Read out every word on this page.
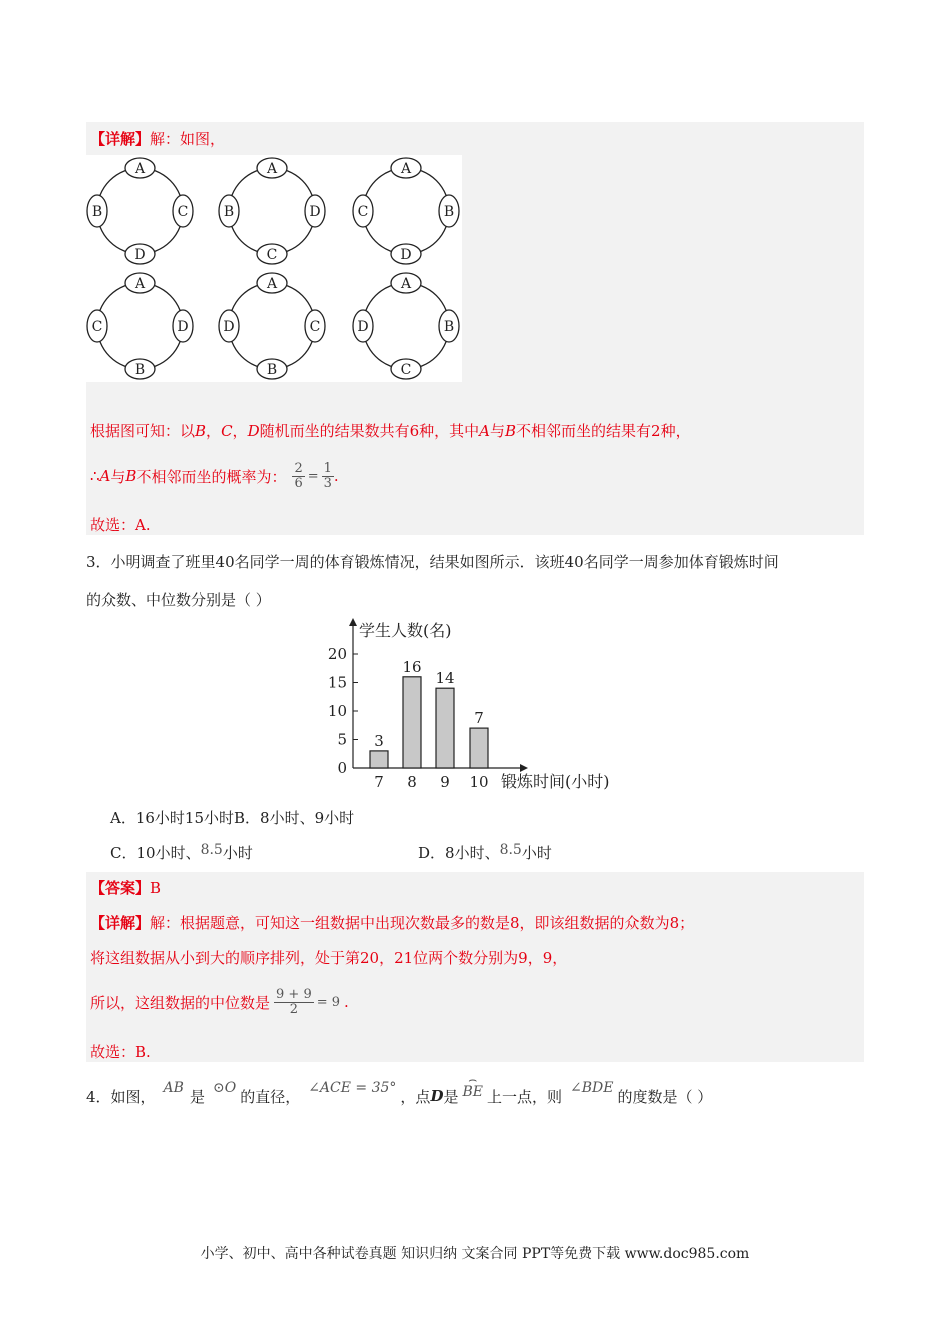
【详解】解：如图，
A
D
B	C
A
C
B	D
A
D
C	B
A
B
C	D
A
B
D	C
A
C
D	B
根据图可知：以B，C，D随机而坐的结果数共有6种，其中A与B不相邻而坐的结果有2种，
∴ A 与 B 不相邻而坐的概率为： $\frac{2}{6} = \frac{1}{3}$ .
故选：A.
3．小明调查了班里40名同学一周的体育锻炼情况，结果如图所示．该班40名同学一周参加体育锻炼时间
的众数、中位数分别是（ ）
学生人数(名)
0
5
10
15
20
3
7
16
8
14
9
7
10 锻炼时间(小时)
A．16小时15小时B．8小时、9小时
C．10小时、8.5小时	D．8小时、8.5小时
【答案】B
【详解】解：根据题意，可知这一组数据中出现次数最多的数是8，即该组数据的众数为8；
将这组数据从小到大的顺序排列，处于第20，21位两个数分别为9，9，
所以，这组数据的中位数是 $\frac{9 + 9}{2} = 9$ .
故选：B.
4．如图， AB 是 ⊙O 的直径， ∠ACE = 35° ，点 D 是
⌢
BE 上一点，则 ∠BDE 的度数是（ ）
小学、初中、高中各种试卷真题 知识归纳 文案合同 PPT等免费下载 www.doc985.com
